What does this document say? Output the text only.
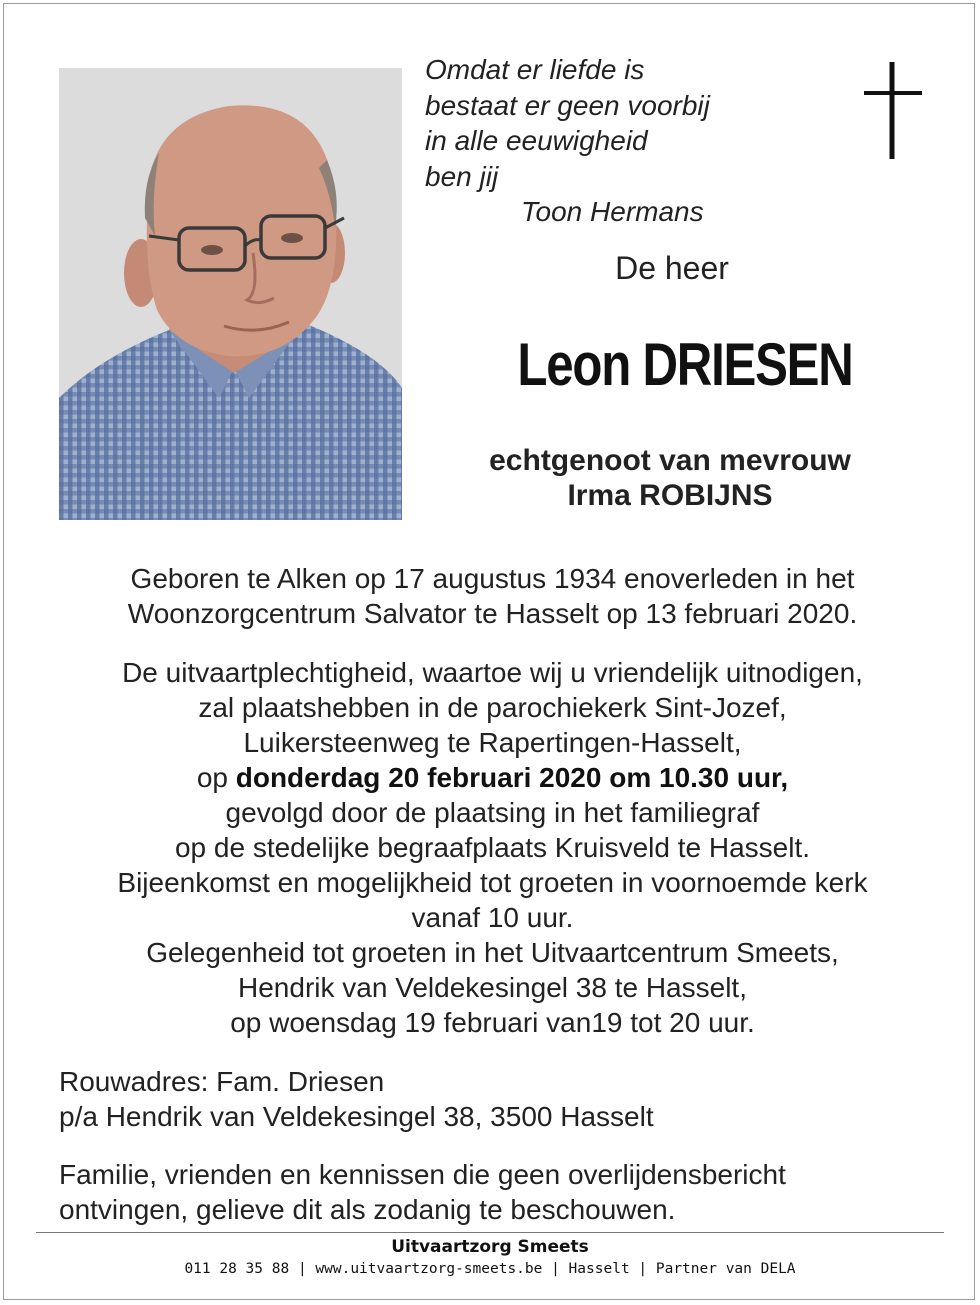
Omdat er liefde is
bestaat er geen voorbij
in alle eeuwigheid
ben jij
Toon Hermans
De heer
Leon DRIESEN
echtgenoot van mevrouw
Irma ROBIJNS
Geboren te Alken op 17 augustus 1934 enoverleden in het
Woonzorgcentrum Salvator te Hasselt op 13 februari 2020.
De uitvaartplechtigheid, waartoe wij u vriendelijk uitnodigen,
zal plaatshebben in de parochiekerk Sint-Jozef,
Luikersteenweg te Rapertingen-Hasselt,
op donderdag 20 februari 2020 om 10.30 uur,
gevolgd door de plaatsing in het familiegraf
op de stedelijke begraafplaats Kruisveld te Hasselt.
Bijeenkomst en mogelijkheid tot groeten in voornoemde kerk
vanaf 10 uur.
Gelegenheid tot groeten in het Uitvaartcentrum Smeets,
Hendrik van Veldekesingel 38 te Hasselt,
op woensdag 19 februari van19 tot 20 uur.
Rouwadres: Fam. Driesen
p/a Hendrik van Veldekesingel 38, 3500 Hasselt
Familie, vrienden en kennissen die geen overlijdensbericht
ontvingen, gelieve dit als zodanig te beschouwen.
Uitvaartzorg Smeets
011 28 35 88 | www.uitvaartzorg-smeets.be | Hasselt | Partner van DELA
